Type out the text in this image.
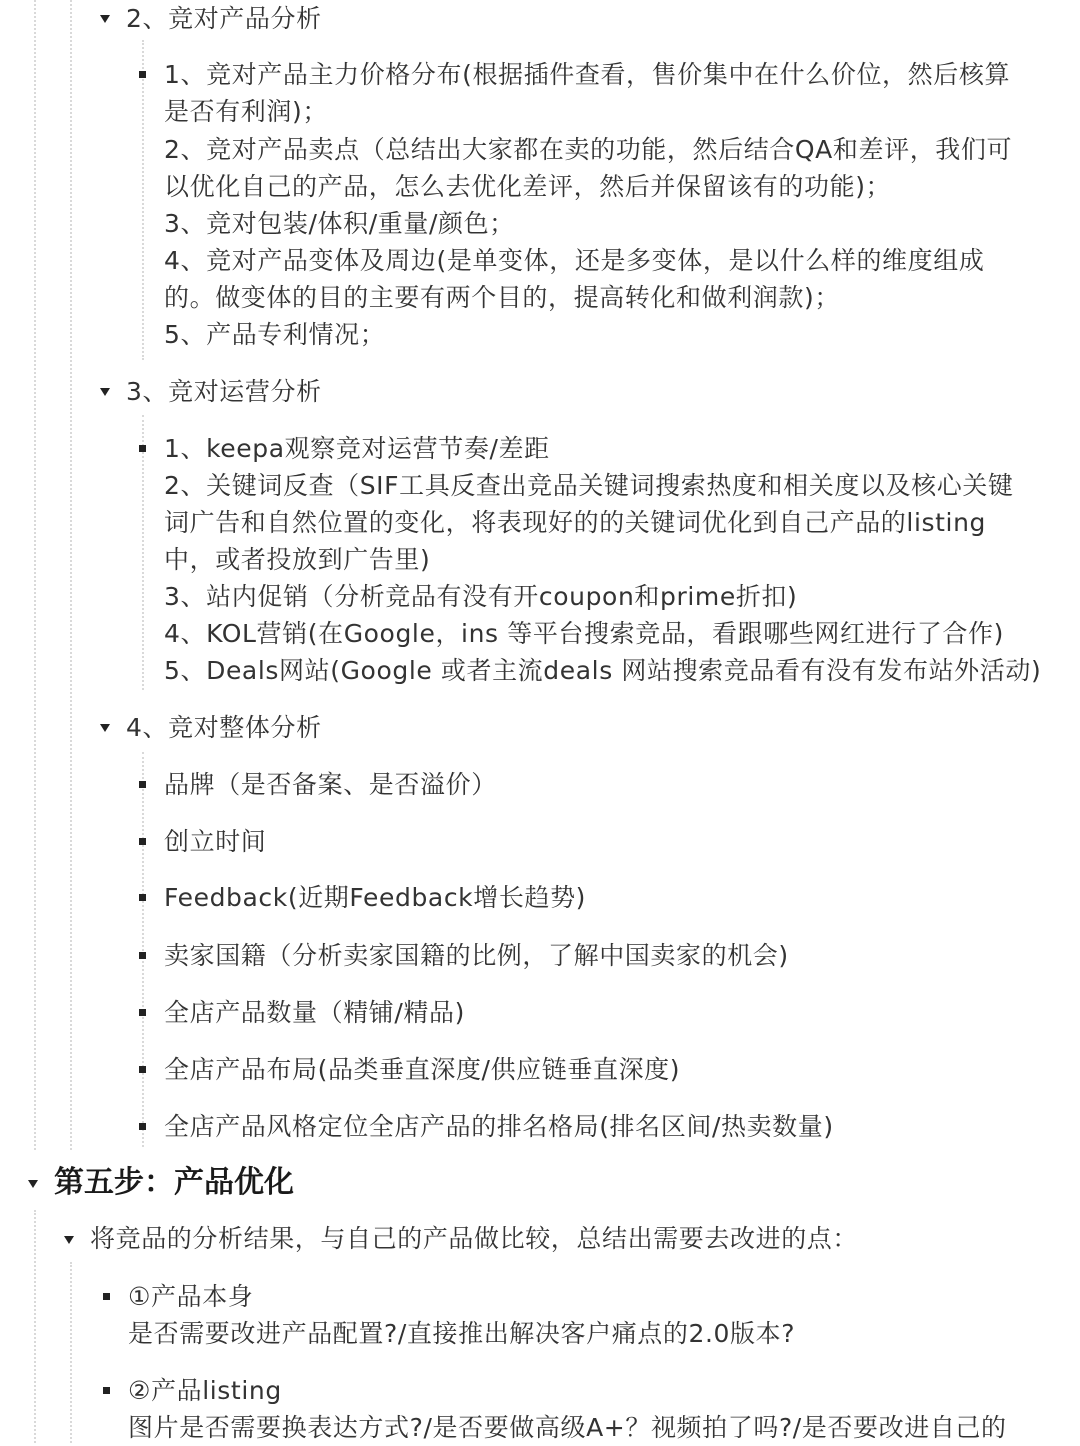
2、竞对产品分析
1、竞对产品主力价格分布(根据插件查看，售价集中在什么价位，然后核算
是否有利润)；
2、竞对产品卖点（总结出大家都在卖的功能，然后结合QA和差评，我们可
以优化自己的产品，怎么去优化差评，然后并保留该有的功能)；
3、竞对包装/体积/重量/颜色；
4、竞对产品变体及周边(是单变体，还是多变体，是以什么样的维度组成
的。做变体的目的主要有两个目的，提高转化和做利润款)；
5、产品专利情况；
3、竞对运营分析
1、keepa观察竞对运营节奏/差距
2、关键词反查（SIF工具反查出竞品关键词搜索热度和相关度以及核心关键
词广告和自然位置的变化，将表现好的的关键词优化到自己产品的listing
中，或者投放到广告里)
3、站内促销（分析竞品有没有开coupon和prime折扣)
4、KOL营销(在Google，ins 等平台搜索竞品，看跟哪些网红进行了合作)
5、Deals网站(Google 或者主流deals 网站搜索竞品看有没有发布站外活动)
4、竞对整体分析
品牌（是否备案、是否溢价）
创立时间
Feedback(近期Feedback增长趋势)
卖家国籍（分析卖家国籍的比例，了解中国卖家的机会)
全店产品数量（精铺/精品)
全店产品布局(品类垂直深度/供应链垂直深度)
全店产品风格定位全店产品的排名格局(排名区间/热卖数量)
第五步：产品优化
将竞品的分析结果，与自己的产品做比较，总结出需要去改进的点：
①产品本身
是否需要改进产品配置?/直接推出解决客户痛点的2.0版本?
②产品listing
图片是否需要换表达方式?/是否要做高级A+？视频拍了吗?/是否要改进自己的
